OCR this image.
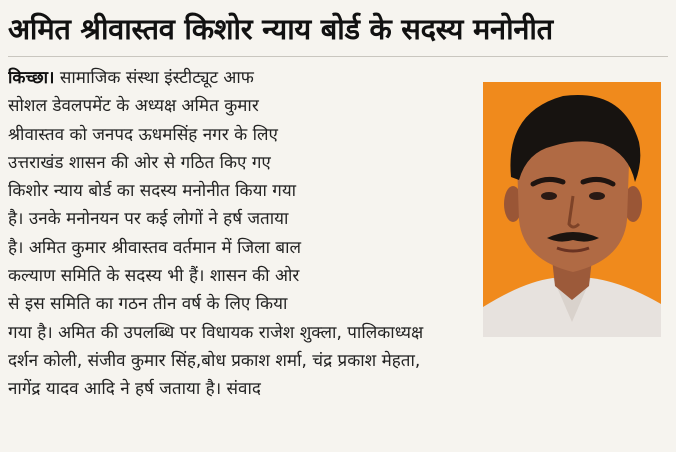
अमित श्रीवास्तव किशोर न्याय बोर्ड के सदस्य मनोनीत
किच्छा। सामाजिक संस्था इंस्टीट्यूट आफ
सोशल डेवलपमेंट के अध्यक्ष अमित कुमार
श्रीवास्तव को जनपद ऊधमसिंह नगर के लिए
उत्तराखंड शासन की ओर से गठित किए गए
किशोर न्याय बोर्ड का सदस्य मनोनीत किया गया
है। उनके मनोनयन पर कई लोगों ने हर्ष जताया
है। अमित कुमार श्रीवास्तव वर्तमान में जिला बाल
कल्याण समिति के सदस्य भी हैं। शासन की ओर
से इस समिति का गठन तीन वर्ष के लिए किया
गया है। अमित की उपलब्धि पर विधायक राजेश शुक्ला, पालिकाध्यक्ष
दर्शन कोली, संजीव कुमार सिंह,बोध प्रकाश शर्मा, चंद्र प्रकाश मेहता,
नागेंद्र यादव आदि ने हर्ष जताया है। संवाद
